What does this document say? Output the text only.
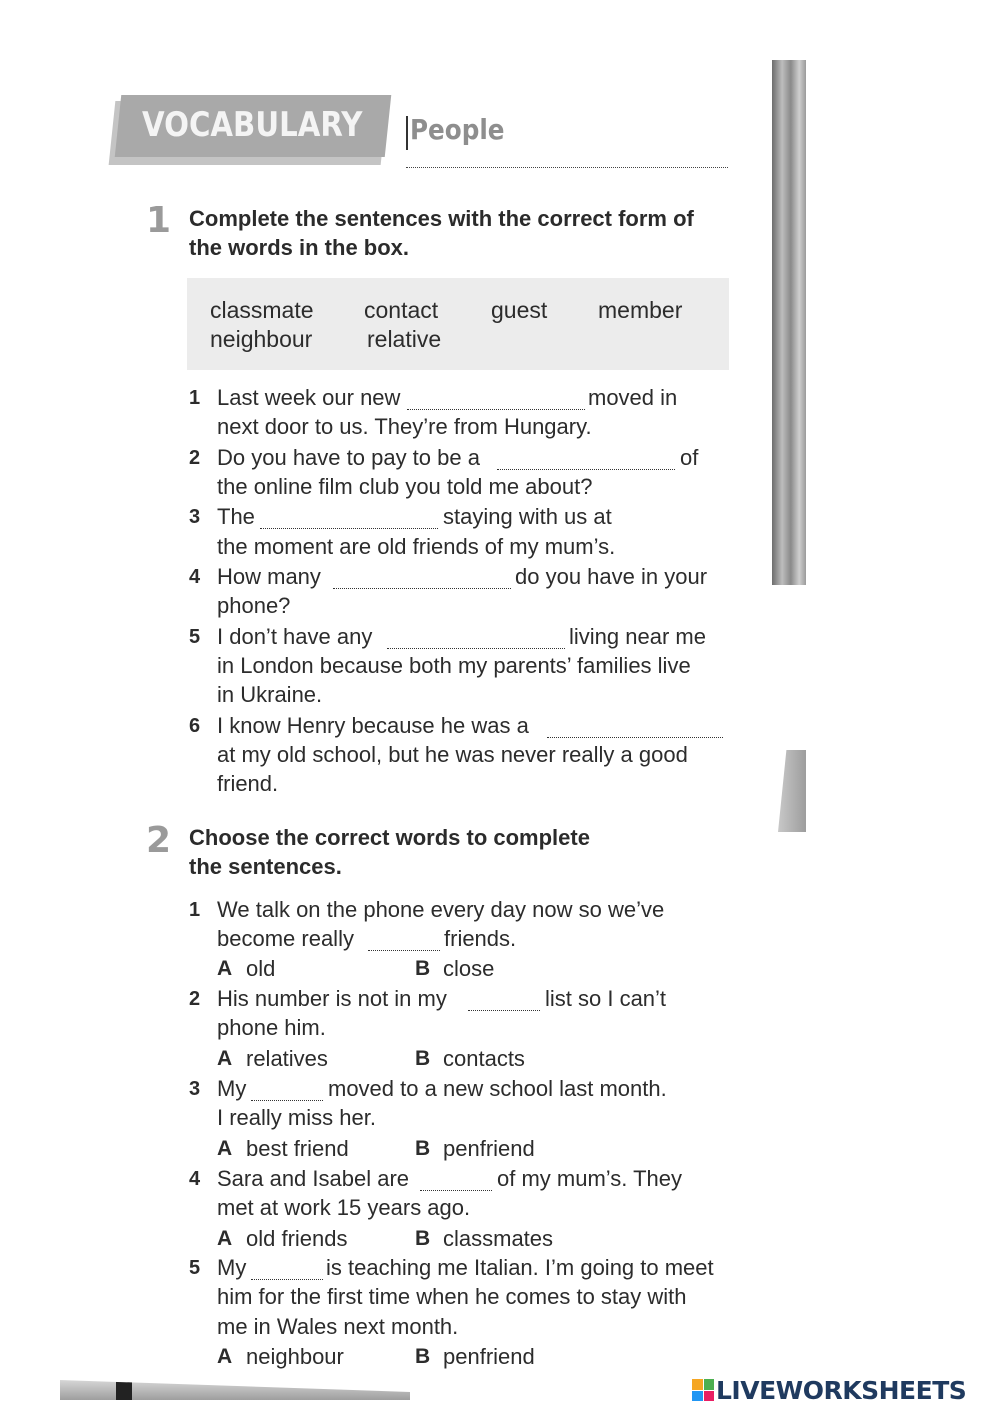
VOCABULARY People
1 Complete the sentences with the correct form of
the words in the box.
classmate contact guest member
neighbour relative
1 Last week our new	moved in
next door to us. They’re from Hungary.
2 Do you have to pay to be a	of
the online film club you told me about?
3 The	staying with us at
the moment are old friends of my mum’s.
4 How many	do you have in your
phone?
5 I don’t have any	living near me
in London because both my parents’ families live
in Ukraine.
6 I know Henry because he was a
at my old school, but he was never really a good
friend.
2 Choose the correct words to complete
the sentences.
1 We talk on the phone every day now so we’ve
become really	friends.
A old	B close
2 His number is not in my	list so I can’t
phone him.
A relatives	B contacts
3 My	moved to a new school last month.
I really miss her.
A best friend	B penfriend
4 Sara and Isabel are	of my mum’s. They
met at work 15 years ago.
A old friends	B classmates
5 My	is teaching me Italian. I’m going to meet
him for the first time when he comes to stay with
me in Wales next month.
A neighbour	B penfriend
LIVEWORKSHEETS
